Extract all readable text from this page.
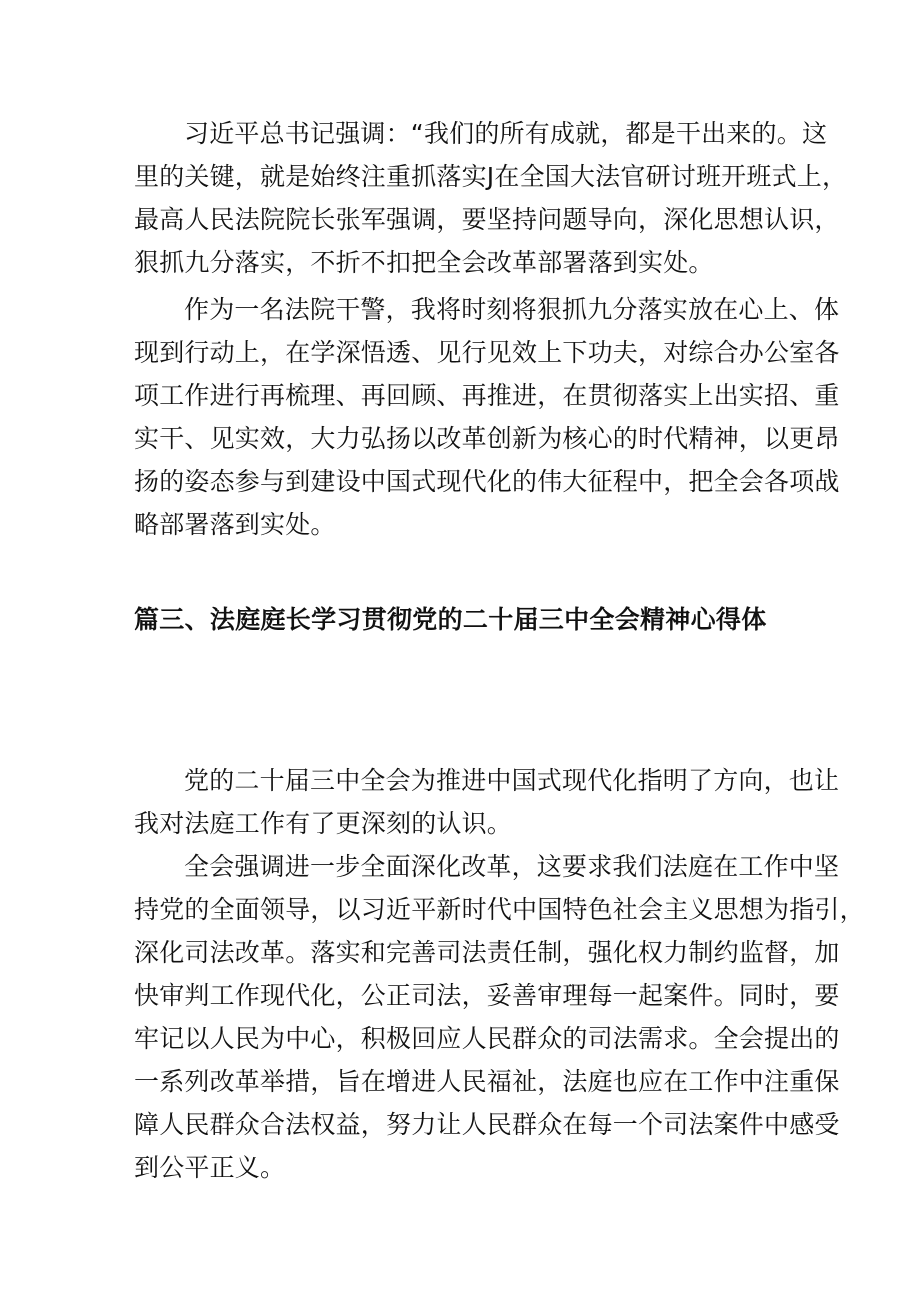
习近平总书记强调：“我们的所有成就，都是干出来的。这
里的关键，就是始终注重抓落实J在全国大法官研讨班开班式上，
最高人民法院院长张军强调，要坚持问题导向，深化思想认识，
狠抓九分落实，不折不扣把全会改革部署落到实处。
作为一名法院干警，我将时刻将狠抓九分落实放在心上、体
现到行动上，在学深悟透、见行见效上下功夫，对综合办公室各
项工作进行再梳理、再回顾、再推进，在贯彻落实上出实招、重
实干、见实效，大力弘扬以改革创新为核心的时代精神，以更昂
扬的姿态参与到建设中国式现代化的伟大征程中，把全会各项战
略部署落到实处。
篇三、法庭庭长学习贯彻党的二十届三中全会精神心得体
党的二十届三中全会为推进中国式现代化指明了方向，也让
我对法庭工作有了更深刻的认识。
全会强调进一步全面深化改革，这要求我们法庭在工作中坚
持党的全面领导，以习近平新时代中国特色社会主义思想为指引，
深化司法改革。落实和完善司法责任制，强化权力制约监督，加
快审判工作现代化，公正司法，妥善审理每一起案件。同时，要
牢记以人民为中心，积极回应人民群众的司法需求。全会提出的
一系列改革举措，旨在增进人民福祉，法庭也应在工作中注重保
障人民群众合法权益，努力让人民群众在每一个司法案件中感受
到公平正义。
